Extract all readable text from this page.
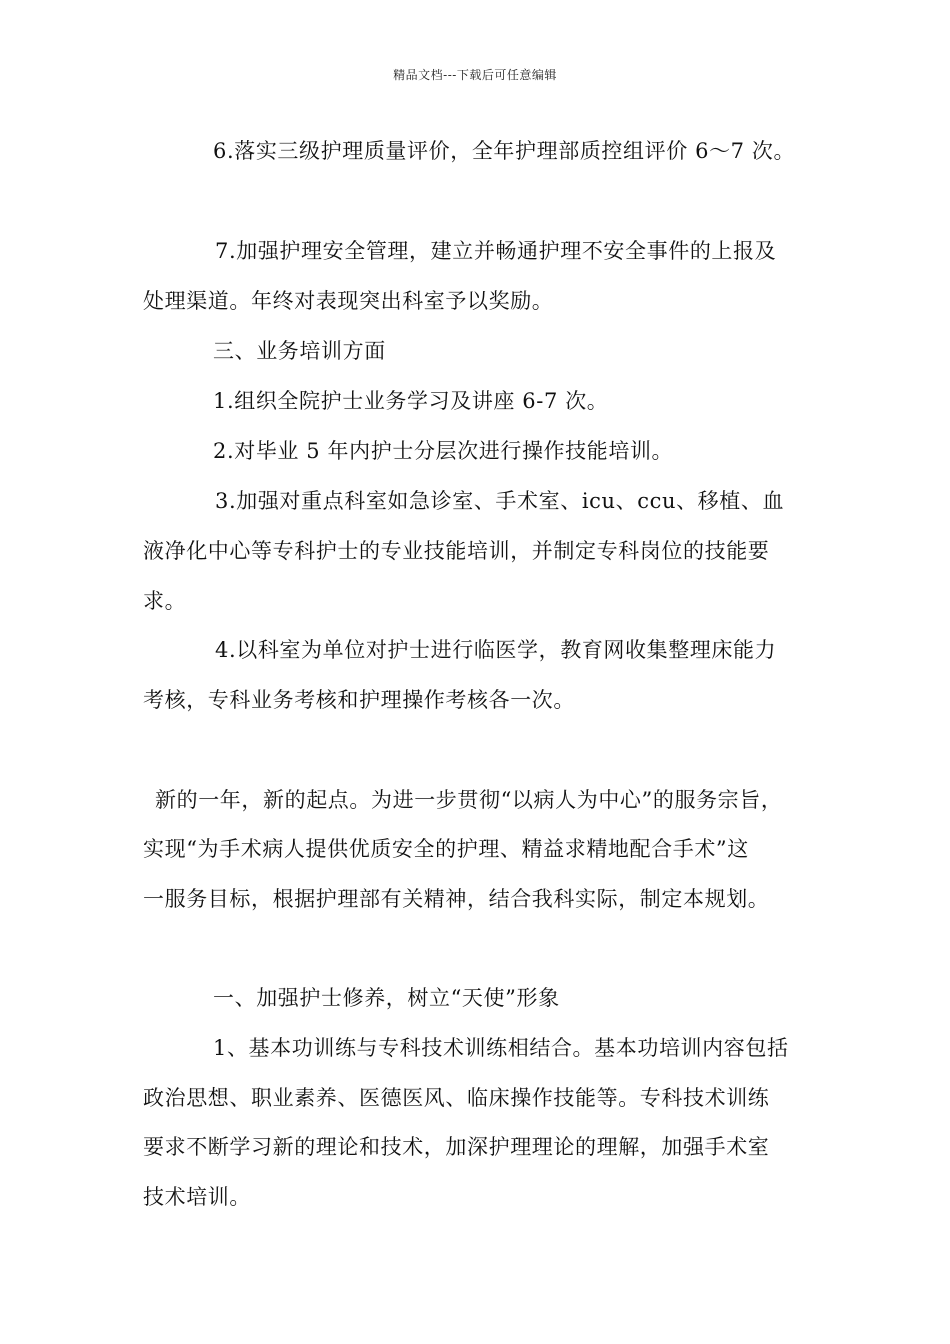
精品文档---下载后可任意编辑
6.落实三级护理质量评价，全年护理部质控组评价 6～7 次。
7.加强护理安全管理，建立并畅通护理不安全事件的上报及
处理渠道。年终对表现突出科室予以奖励。
三、业务培训方面
1.组织全院护士业务学习及讲座 6-7 次。
2.对毕业 5 年内护士分层次进行操作技能培训。
3.加强对重点科室如急诊室、手术室、icu、ccu、移植、血
液净化中心等专科护士的专业技能培训，并制定专科岗位的技能要
求。
4.以科室为单位对护士进行临医学，教育网收集整理床能力
考核，专科业务考核和护理操作考核各一次。
新的一年，新的起点。为进一步贯彻“以病人为中心”的服务宗旨，
实现“为手术病人提供优质安全的护理、精益求精地配合手术”这
一服务目标，根据护理部有关精神，结合我科实际，制定本规划。
一、加强护士修养，树立“天使”形象
1、基本功训练与专科技术训练相结合。基本功培训内容包括
政治思想、职业素养、医德医风、临床操作技能等。专科技术训练
要求不断学习新的理论和技术，加深护理理论的理解，加强手术室
技术培训。
